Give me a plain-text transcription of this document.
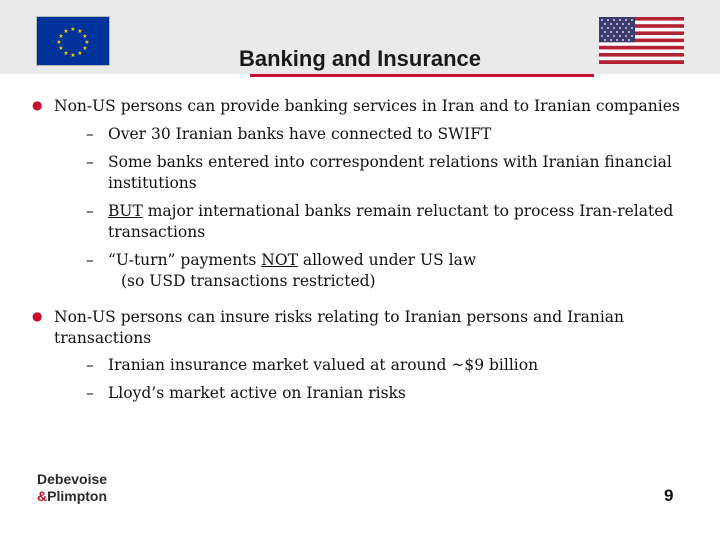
★ ★
★
★
★
★
★
★
★
★
★
★
Banking and Insurance
● Non-US persons can provide banking services in Iran and to Iranian companies
– Over 30 Iranian banks have connected to SWIFT
– Some banks entered into correspondent relations with Iranian financial
institutions
– BUT major international banks remain reluctant to process Iran-related
transactions
– “U-turn” payments NOT allowed under US law
(so USD transactions restricted)
● Non-US persons can insure risks relating to Iranian persons and Iranian
transactions
– Iranian insurance market valued at around ~$9 billion
– Lloyd’s market active on Iranian risks
Debevoise
&Plimpton	9
